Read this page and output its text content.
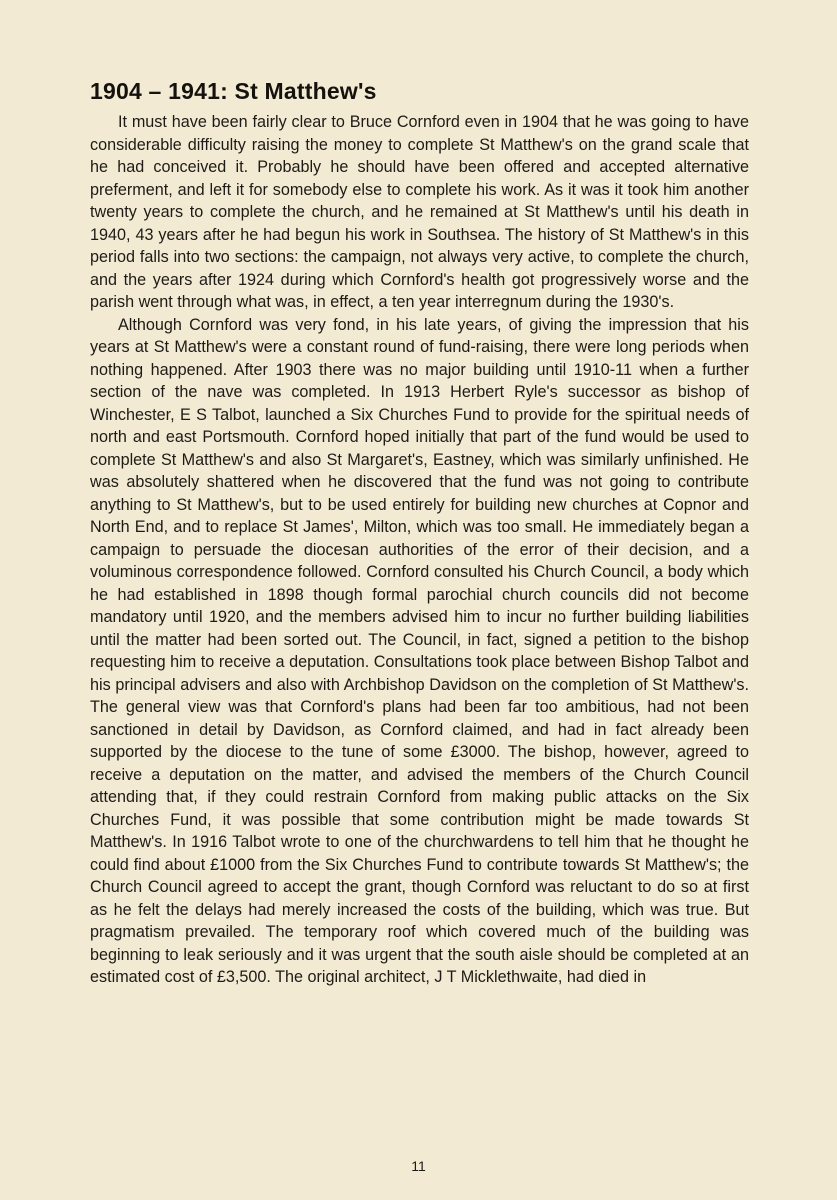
1904 – 1941: St Matthew's

It must have been fairly clear to Bruce Cornford even in 1904 that he was going to have considerable difficulty raising the money to complete St Matthew's on the grand scale that he had conceived it. Probably he should have been offered and accepted alternative preferment, and left it for somebody else to complete his work. As it was it took him another twenty years to complete the church, and he remained at St Matthew's until his death in 1940, 43 years after he had begun his work in Southsea. The history of St Matthew's in this period falls into two sections: the campaign, not always very active, to complete the church, and the years after 1924 during which Cornford's health got progressively worse and the parish went through what was, in effect, a ten year interregnum during the 1930's.

Although Cornford was very fond, in his late years, of giving the impression that his years at St Matthew's were a constant round of fund-raising, there were long periods when nothing happened. After 1903 there was no major building until 1910-11 when a further section of the nave was completed. In 1913 Herbert Ryle's successor as bishop of Winchester, E S Talbot, launched a Six Churches Fund to provide for the spiritual needs of north and east Portsmouth. Cornford hoped initially that part of the fund would be used to complete St Matthew's and also St Margaret's, Eastney, which was similarly unfinished. He was absolutely shattered when he discovered that the fund was not going to contribute anything to St Matthew's, but to be used entirely for building new churches at Copnor and North End, and to replace St James', Milton, which was too small. He immediately began a campaign to persuade the diocesan authorities of the error of their decision, and a voluminous correspondence followed. Cornford consulted his Church Council, a body which he had established in 1898 though formal parochial church councils did not become mandatory until 1920, and the members advised him to incur no further building liabilities until the matter had been sorted out. The Council, in fact, signed a petition to the bishop requesting him to receive a deputation. Consultations took place between Bishop Talbot and his principal advisers and also with Archbishop Davidson on the completion of St Matthew's. The general view was that Cornford's plans had been far too ambitious, had not been sanctioned in detail by Davidson, as Cornford claimed, and had in fact already been supported by the diocese to the tune of some £3000. The bishop, however, agreed to receive a deputation on the matter, and advised the members of the Church Council attending that, if they could restrain Cornford from making public attacks on the Six Churches Fund, it was possible that some contribution might be made towards St Matthew's. In 1916 Talbot wrote to one of the churchwardens to tell him that he thought he could find about £1000 from the Six Churches Fund to contribute towards St Matthew's; the Church Council agreed to accept the grant, though Cornford was reluctant to do so at first as he felt the delays had merely increased the costs of the building, which was true. But pragmatism prevailed. The temporary roof which covered much of the building was beginning to leak seriously and it was urgent that the south aisle should be completed at an estimated cost of £3,500. The original architect, J T Micklethwaite, had died in

11
